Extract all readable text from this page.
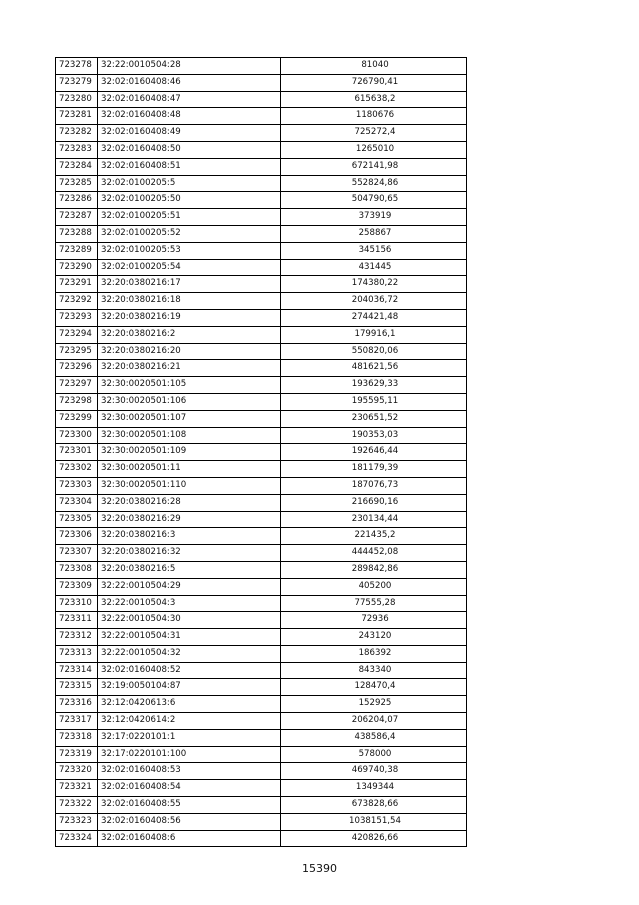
723278	32:22:0010504:28	81040
723279	32:02:0160408:46	726790,41
723280	32:02:0160408:47	615638,2
723281	32:02:0160408:48	1180676
723282	32:02:0160408:49	725272,4
723283	32:02:0160408:50	1265010
723284	32:02:0160408:51	672141,98
723285	32:02:0100205:5	552824,86
723286	32:02:0100205:50	504790,65
723287	32:02:0100205:51	373919
723288	32:02:0100205:52	258867
723289	32:02:0100205:53	345156
723290	32:02:0100205:54	431445
723291	32:20:0380216:17	174380,22
723292	32:20:0380216:18	204036,72
723293	32:20:0380216:19	274421,48
723294	32:20:0380216:2	179916,1
723295	32:20:0380216:20	550820,06
723296	32:20:0380216:21	481621,56
723297	32:30:0020501:105	193629,33
723298	32:30:0020501:106	195595,11
723299	32:30:0020501:107	230651,52
723300	32:30:0020501:108	190353,03
723301	32:30:0020501:109	192646,44
723302	32:30:0020501:11	181179,39
723303	32:30:0020501:110	187076,73
723304	32:20:0380216:28	216690,16
723305	32:20:0380216:29	230134,44
723306	32:20:0380216:3	221435,2
723307	32:20:0380216:32	444452,08
723308	32:20:0380216:5	289842,86
723309	32:22:0010504:29	405200
723310	32:22:0010504:3	77555,28
723311	32:22:0010504:30	72936
723312	32:22:0010504:31	243120
723313	32:22:0010504:32	186392
723314	32:02:0160408:52	843340
723315	32:19:0050104:87	128470,4
723316	32:12:0420613:6	152925
723317	32:12:0420614:2	206204,07
723318	32:17:0220101:1	438586,4
723319	32:17:0220101:100	578000
723320	32:02:0160408:53	469740,38
723321	32:02:0160408:54	1349344
723322	32:02:0160408:55	673828,66
723323	32:02:0160408:56	1038151,54
723324	32:02:0160408:6	420826,66
15390
